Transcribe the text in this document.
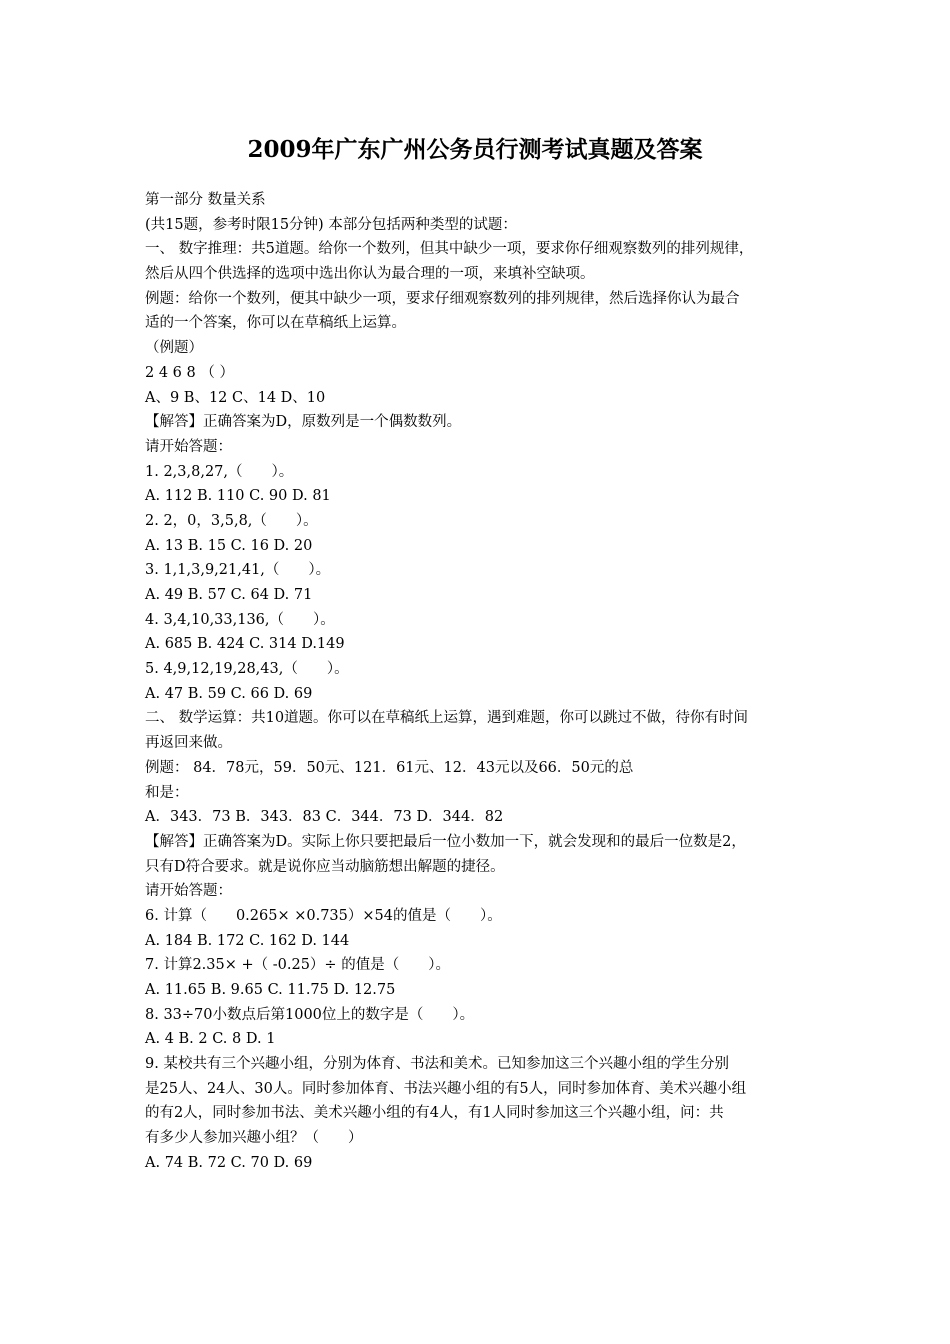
2009年广东广州公务员行测考试真题及答案
第一部分 数量关系
(共15题，参考时限15分钟) 本部分包括两种类型的试题：
一、 数字推理：共5道题。给你一个数列，但其中缺少一项，要求你仔细观察数列的排列规律，
然后从四个供选择的选项中选出你认为最合理的一项，来填补空缺项。
例题：给你一个数列，便其中缺少一项，要求仔细观察数列的排列规律，然后选择你认为最合
适的一个答案，你可以在草稿纸上运算。
（例题）
2 4 6 8 （ ）
A、9 B、12 C、14 D、10
【解答】正确答案为D，原数列是一个偶数数列。
请开始答题：
1. 2,3,8,27,（　　）。
A. 112 B. 110 C. 90 D. 81
2. 2，0，3,5,8,（　　）。
A. 13 B. 15 C. 16 D. 20
3. 1,1,3,9,21,41,（　　）。
A. 49 B. 57 C. 64 D. 71
4. 3,4,10,33,136,（　　）。
A. 685 B. 424 C. 314 D.149
5. 4,9,12,19,28,43,（　　）。
A. 47 B. 59 C. 66 D. 69
二、 数学运算：共10道题。你可以在草稿纸上运算，遇到难题，你可以跳过不做，待你有时间
再返回来做。
例题： 84．78元，59．50元、121．61元、12．43元以及66．50元的总
和是：
A．343．73 B．343．83 C．344．73 D．344．82
【解答】正确答案为D。实际上你只要把最后一位小数加一下，就会发现和的最后一位数是2，
只有D符合要求。就是说你应当动脑筋想出解题的捷径。
请开始答题：
6. 计算（　　0.265× ×0.735）×54的值是（　　）。
A. 184 B. 172 C. 162 D. 144
7. 计算2.35× +（ -0.25）÷ 的值是（　　）。
A. 11.65 B. 9.65 C. 11.75 D. 12.75
8. 33÷70小数点后第1000位上的数字是（　　）。
A. 4 B. 2 C. 8 D. 1
9. 某校共有三个兴趣小组，分别为体育、书法和美术。已知参加这三个兴趣小组的学生分别
是25人、24人、30人。同时参加体育、书法兴趣小组的有5人，同时参加体育、美术兴趣小组
的有2人，同时参加书法、美术兴趣小组的有4人，有1人同时参加这三个兴趣小组，问：共
有多少人参加兴趣小组？（　　）
A. 74 B. 72 C. 70 D. 69
